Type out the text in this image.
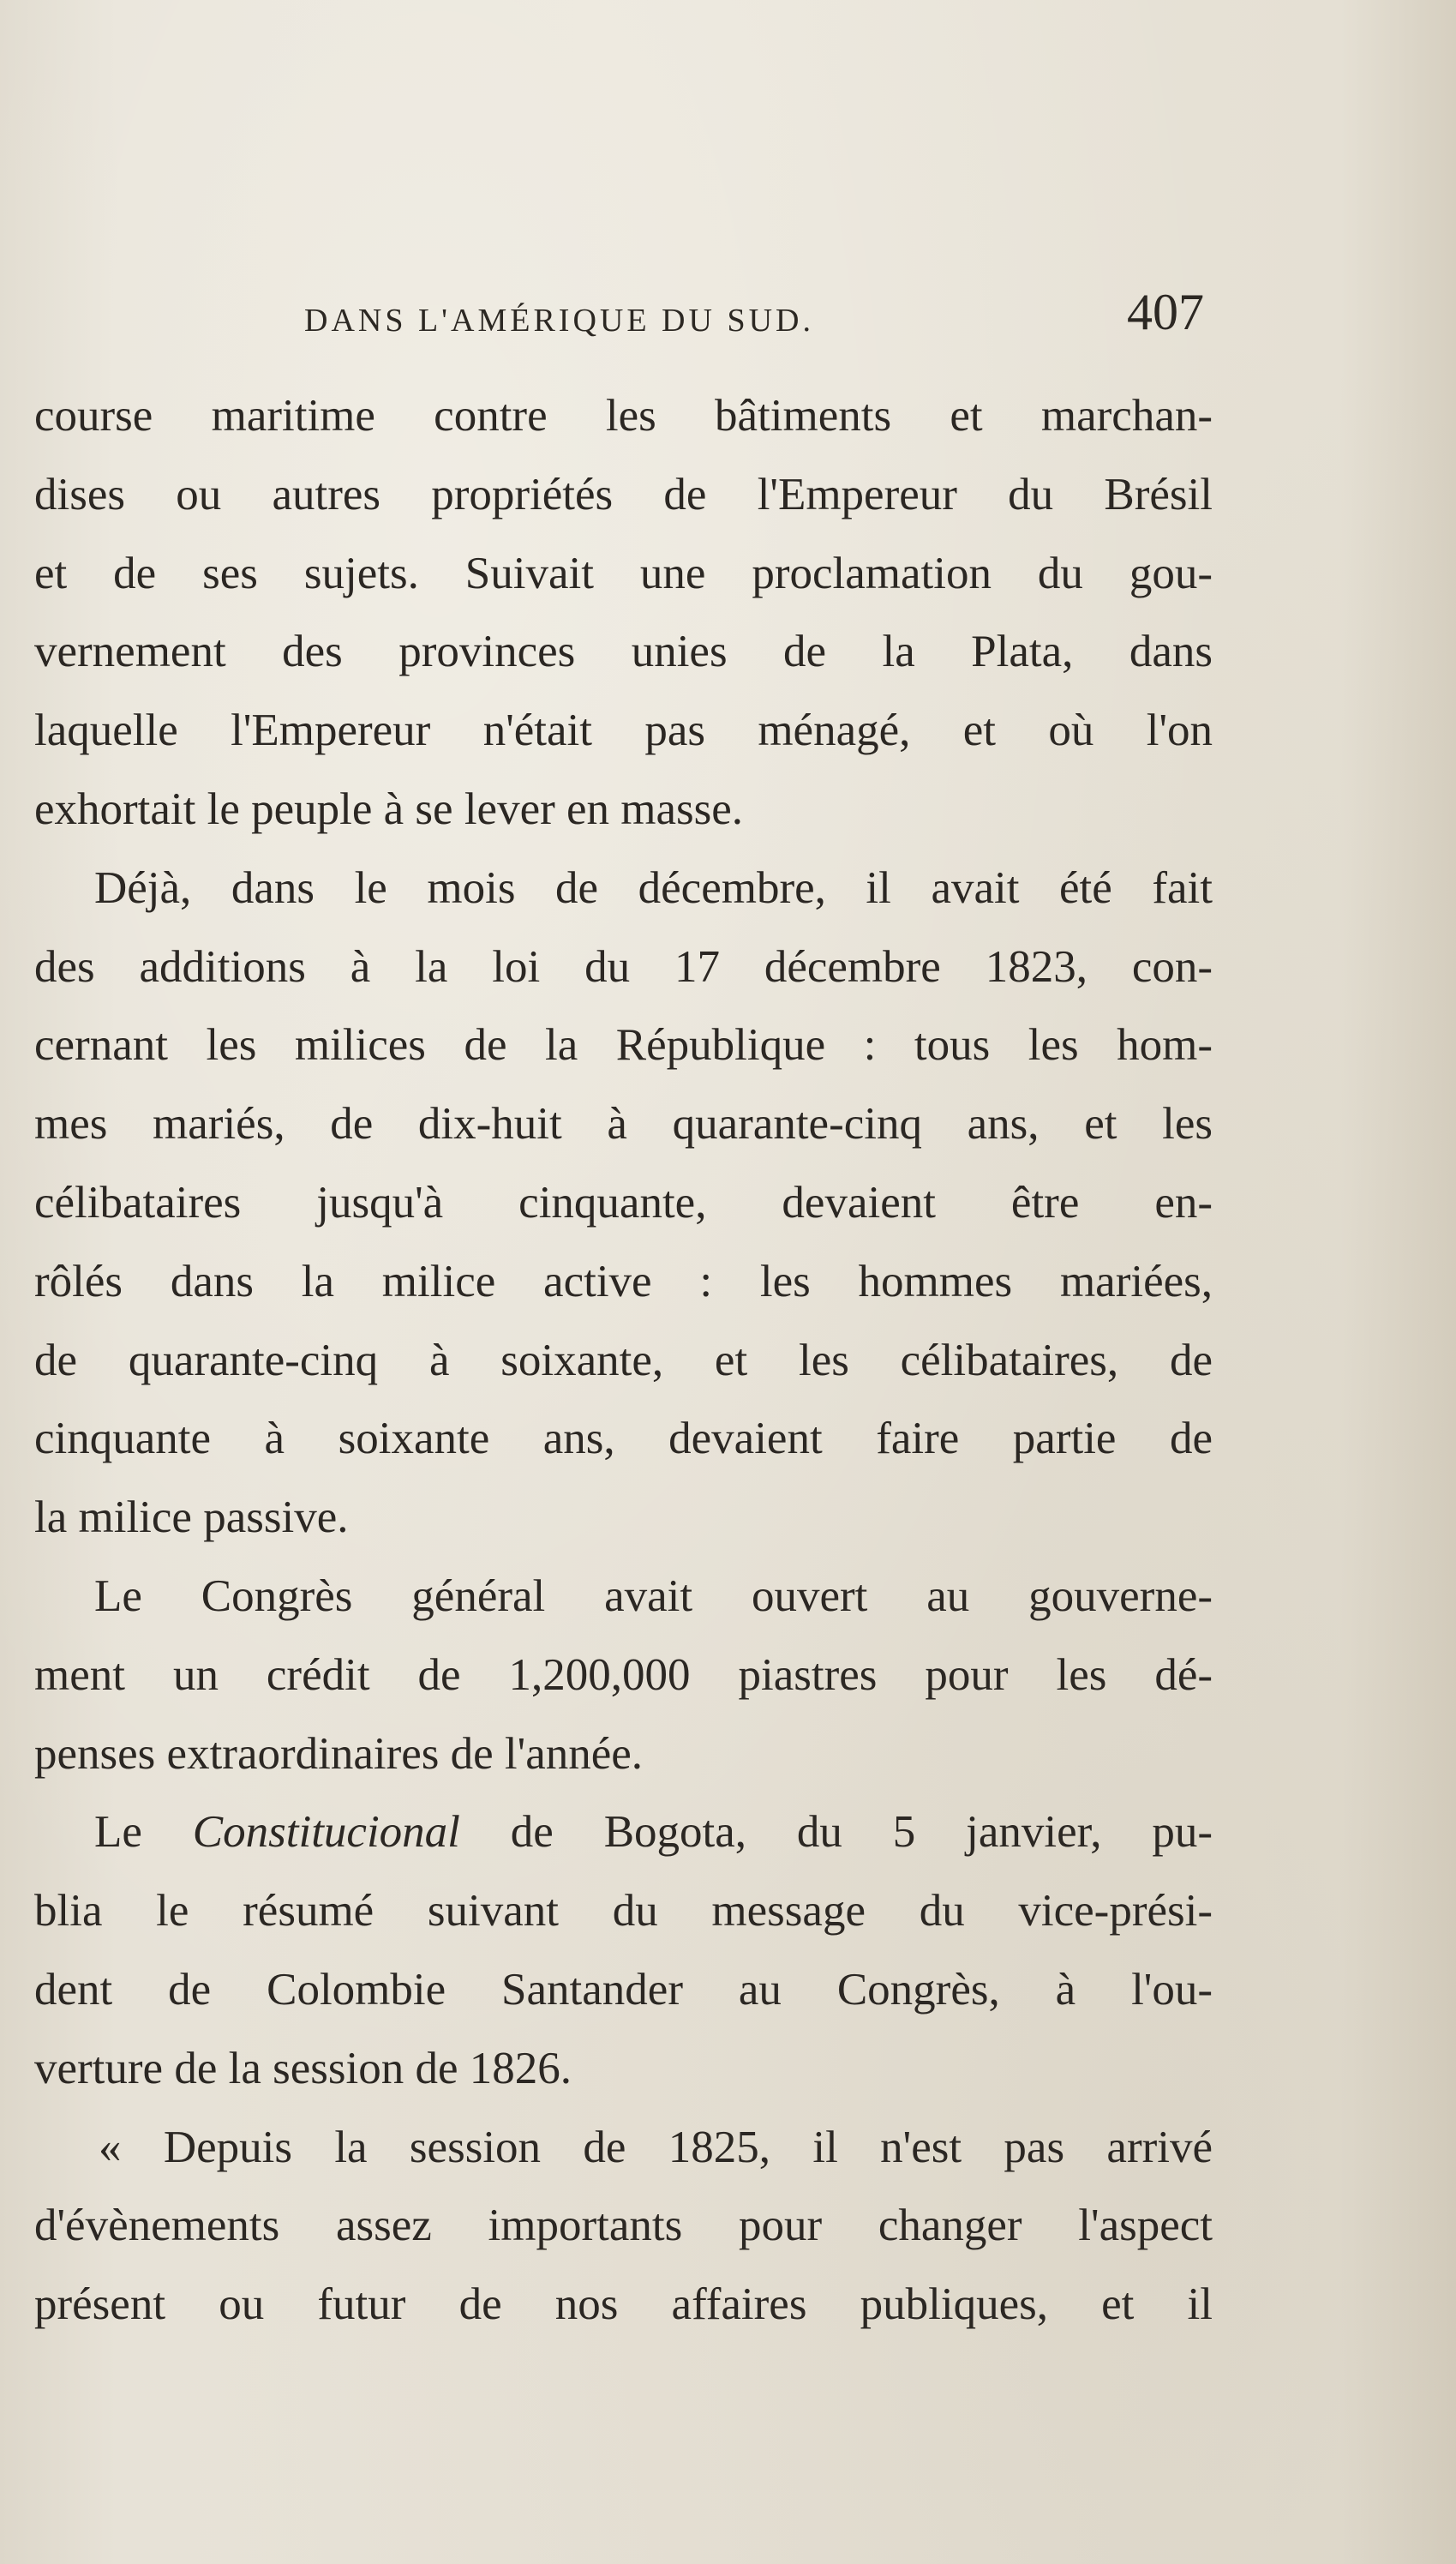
DANS L'AMÉRIQUE DU SUD.	407
course maritime contre les bâtiments et marchan-
dises ou autres propriétés de l'Empereur du Brésil
et de ses sujets. Suivait une proclamation du gou-
vernement des provinces unies de la Plata, dans
laquelle l'Empereur n'était pas ménagé, et où l'on
exhortait le peuple à se lever en masse.
Déjà, dans le mois de décembre, il avait été fait
des additions à la loi du 17 décembre 1823, con-
cernant les milices de la République : tous les hom-
mes mariés, de dix-huit à quarante-cinq ans, et les
célibataires jusqu'à cinquante, devaient être en-
rôlés dans la milice active : les hommes mariées,
de quarante-cinq à soixante, et les célibataires, de
cinquante à soixante ans, devaient faire partie de
la milice passive.
Le Congrès général avait ouvert au gouverne-
ment un crédit de 1,200,000 piastres pour les dé-
penses extraordinaires de l'année.
Le Constitucional de Bogota, du 5 janvier, pu-
blia le résumé suivant du message du vice-prési-
dent de Colombie Santander au Congrès, à l'ou-
verture de la session de 1826.
« Depuis la session de 1825, il n'est pas arrivé
d'évènements assez importants pour changer l'aspect
présent ou futur de nos affaires publiques, et il
